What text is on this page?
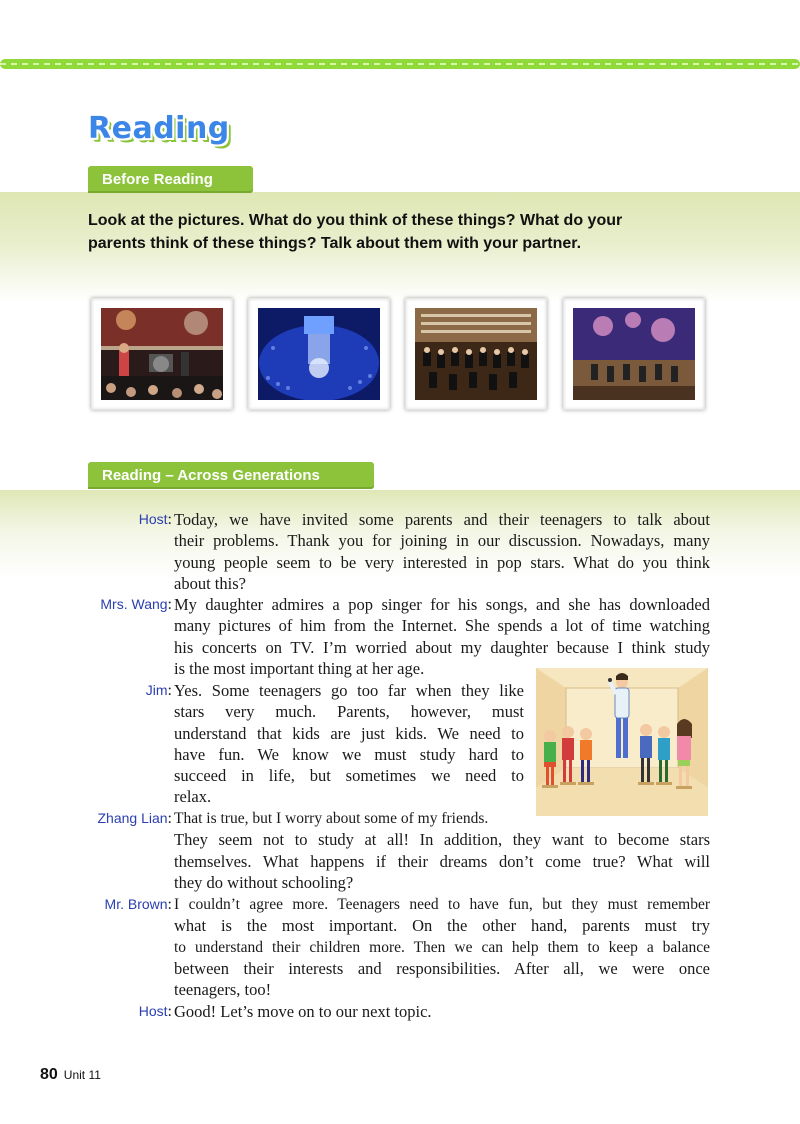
Reading
Before Reading
Look at the pictures. What do you think of these things? What do your
parents think of these things? Talk about them with your partner.
Reading – Across Generations
Host: Today, we have invited some parents and their teenagers to talk about
their problems. Thank you for joining in our discussion. Nowadays, many
young people seem to be very interested in pop stars. What do you think
about this?
Mrs. Wang: My daughter admires a pop singer for his songs, and she has downloaded
many pictures of him from the Internet. She spends a lot of time watching
his concerts on TV. I’m worried about my daughter because I think study
is the most important thing at her age.
Jim: Yes. Some teenagers go too far when they like
stars very much. Parents, however, must
understand that kids are just kids. We need to
have fun. We know we must study hard to
succeed in life, but sometimes we need to
relax.
Zhang Lian: That is true, but I worry about some of my friends.
They seem not to study at all! In addition, they want to become stars
themselves. What happens if their dreams don’t come true? What will
they do without schooling?
Mr. Brown: I couldn’t agree more. Teenagers need to have fun, but they must remember
what is the most important. On the other hand, parents must try
to understand their children more. Then we can help them to keep a balance
between their interests and responsibilities. After all, we were once
teenagers, too!
Host: Good! Let’s move on to our next topic.
80 Unit 11
